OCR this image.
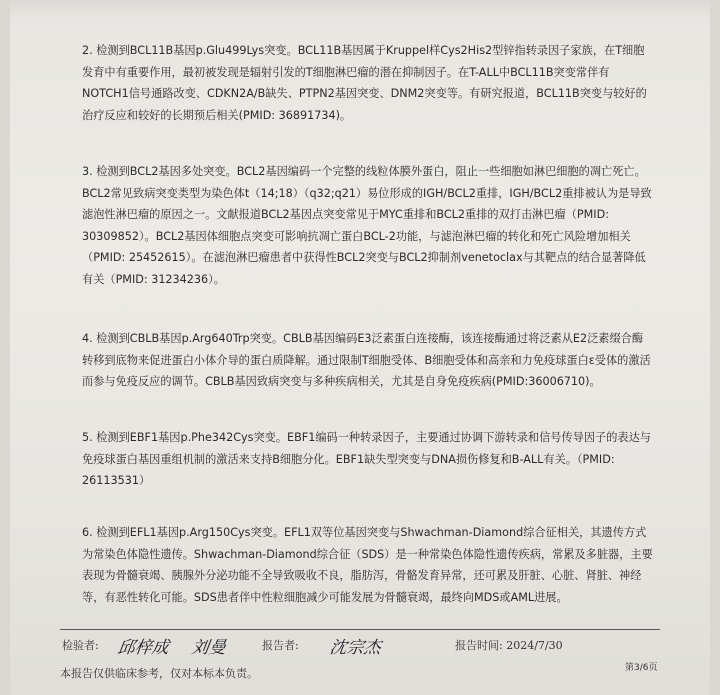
2. 检测到BCL11B基因p.Glu499Lys突变。BCL11B基因属于Kruppel样Cys2His2型锌指转录因子家族，在T细胞发育中有重要作用，最初被发现是辐射引发的T细胞淋巴瘤的潜在抑制因子。在T-ALL中BCL11B突变常伴有NOTCH1信号通路改变、CDKN2A/B缺失、PTPN2基因突变、DNM2突变等。有研究报道，BCL11B突变与较好的治疗反应和较好的长期预后相关(PMID: 36891734)。

3. 检测到BCL2基因多处突变。BCL2基因编码一个完整的线粒体膜外蛋白，阻止一些细胞如淋巴细胞的凋亡死亡。BCL2常见致病突变类型为染色体t（14;18）（q32;q21）易位形成的IGH/BCL2重排，IGH/BCL2重排被认为是导致滤泡性淋巴瘤的原因之一。文献报道BCL2基因点突变常见于MYC重排和BCL2重排的双打击淋巴瘤（PMID: 30309852）。BCL2基因体细胞点突变可影响抗凋亡蛋白BCL-2功能，与滤泡淋巴瘤的转化和死亡风险增加相关（PMID: 25452615）。在滤泡淋巴瘤患者中获得性BCL2突变与BCL2抑制剂venetoclax与其靶点的结合显著降低有关（PMID: 31234236）。

4. 检测到CBLB基因p.Arg640Trp突变。CBLB基因编码E3泛素蛋白连接酶，该连接酶通过将泛素从E2泛素缀合酶转移到底物来促进蛋白小体介导的蛋白质降解。通过限制T细胞受体、B细胞受体和高亲和力免疫球蛋白ε受体的激活而参与免疫反应的调节。CBLB基因致病突变与多种疾病相关，尤其是自身免疫疾病(PMID:36006710)。

5. 检测到EBF1基因p.Phe342Cys突变。EBF1编码一种转录因子，主要通过协调下游转录和信号传导因子的表达与免疫球蛋白基因重组机制的激活来支持B细胞分化。EBF1缺失型突变与DNA损伤修复和B-ALL有关。（PMID: 26113531）

6. 检测到EFL1基因p.Arg150Cys突变。EFL1双等位基因突变与Shwachman-Diamond综合征相关，其遗传方式为常染色体隐性遗传。Shwachman-Diamond综合征（SDS）是一种常染色体隐性遗传疾病，常累及多脏器，主要表现为骨髓衰竭、胰腺外分泌功能不全导致吸收不良，脂肪泻，骨骼发育异常，还可累及肝脏、心脏、肾脏、神经等，有恶性转化可能。SDS患者伴中性粒细胞减少可能发展为骨髓衰竭，最终向MDS或AML进展。

检验者: 邱梓成 刘曼	报告者: 沈宗杰	报告时间: 2024/7/30
本报告仅供临床参考，仅对本标本负责。	第3/6页
